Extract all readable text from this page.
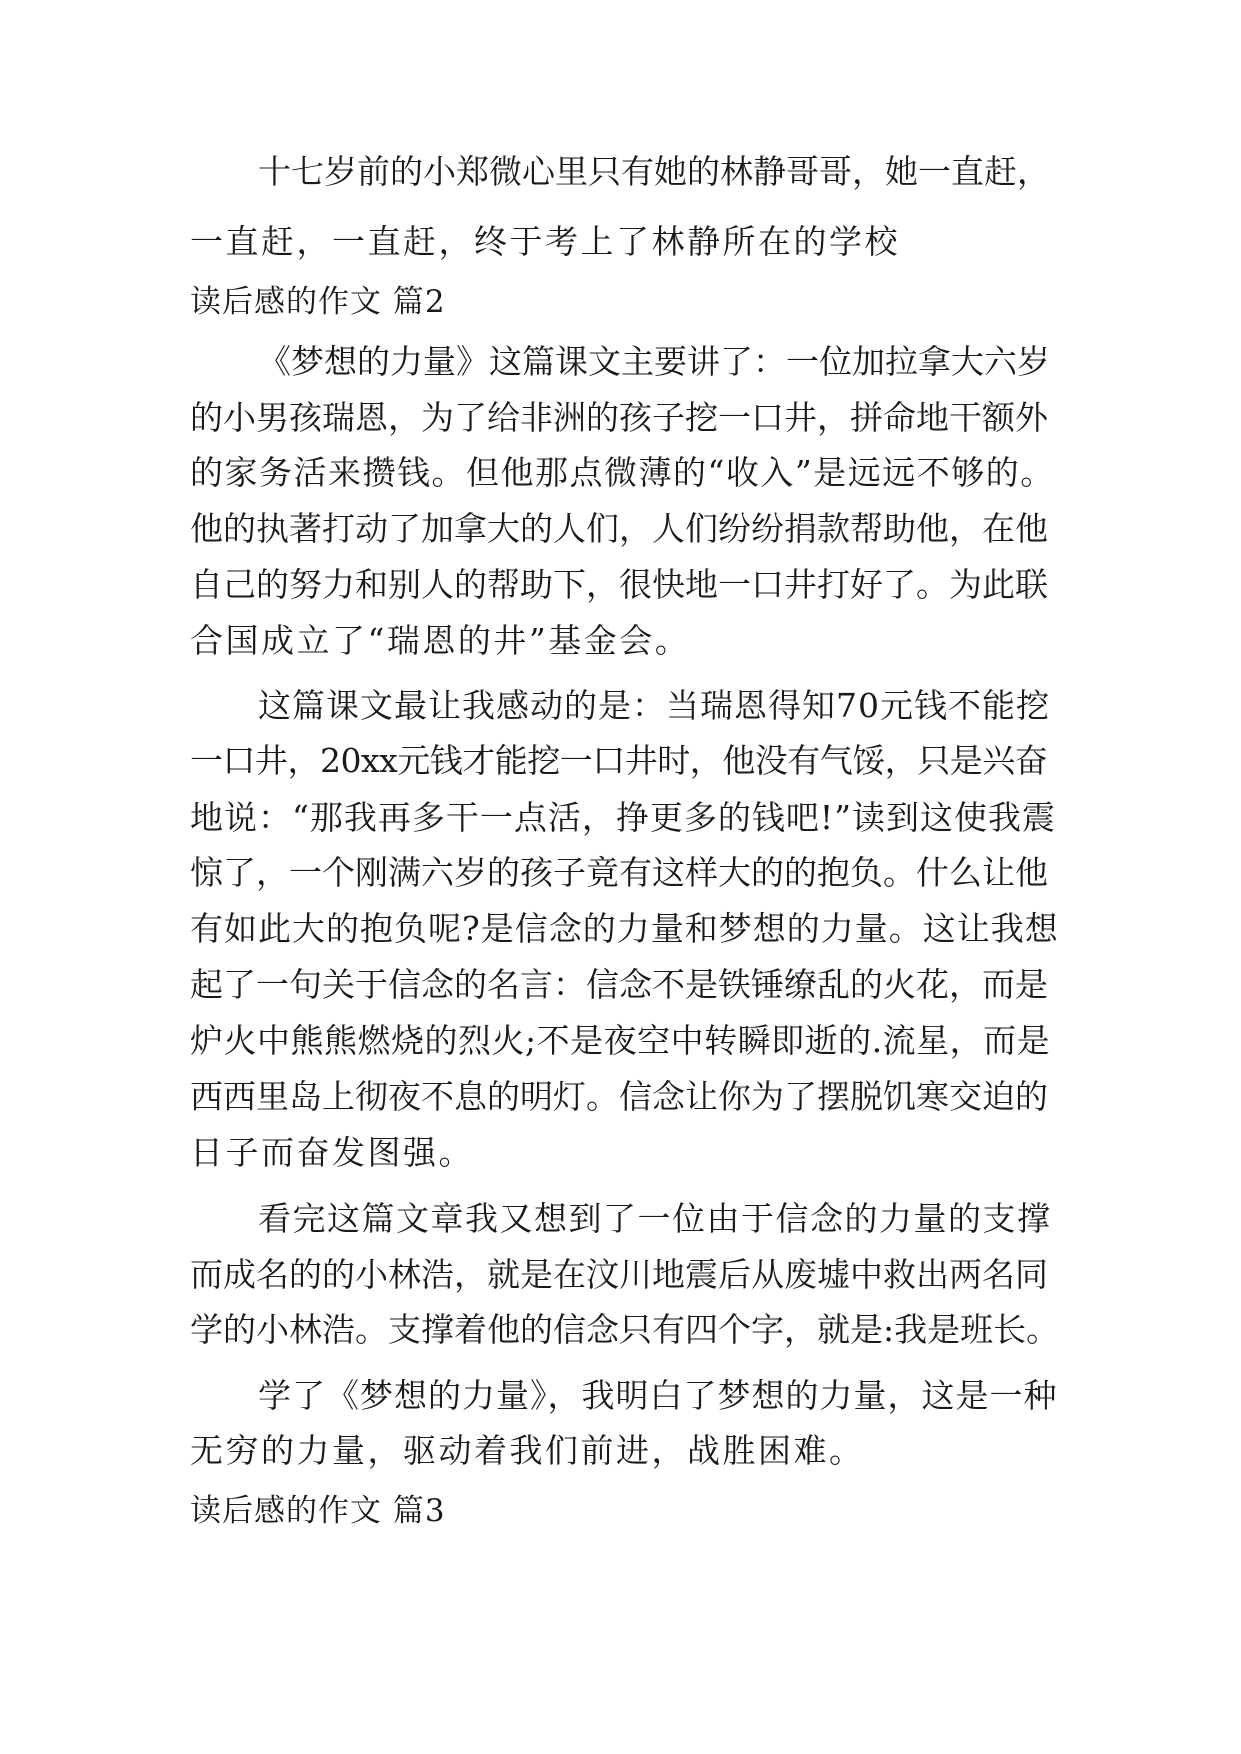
十七岁前的小郑微心里只有她的林静哥哥，她一直赶，

一直赶，一直赶，终于考上了林静所在的学校

读后感的作文 篇2

《梦想的力量》这篇课文主要讲了：一位加拉拿大六岁

的小男孩瑞恩，为了给非洲的孩子挖一口井，拼命地干额外

的家务活来攒钱。但他那点微薄的“收入”是远远不够的。

他的执著打动了加拿大的人们，人们纷纷捐款帮助他，在他

自己的努力和别人的帮助下，很快地一口井打好了。为此联

合国成立了“瑞恩的井”基金会。

这篇课文最让我感动的是：当瑞恩得知70元钱不能挖

一口井，20xx元钱才能挖一口井时，他没有气馁，只是兴奋

地说：“那我再多干一点活，挣更多的钱吧!”读到这使我震

惊了，一个刚满六岁的孩子竟有这样大的的抱负。什么让他

有如此大的抱负呢?是信念的力量和梦想的力量。这让我想

起了一句关于信念的名言：信念不是铁锤缭乱的火花，而是

炉火中熊熊燃烧的烈火;不是夜空中转瞬即逝的.流星，而是

西西里岛上彻夜不息的明灯。信念让你为了摆脱饥寒交迫的

日子而奋发图强。

看完这篇文章我又想到了一位由于信念的力量的支撑

而成名的的小林浩，就是在汶川地震后从废墟中救出两名同

学的小林浩。支撑着他的信念只有四个字，就是:我是班长。

学了《梦想的力量》，我明白了梦想的力量，这是一种

无穷的力量，驱动着我们前进，战胜困难。

读后感的作文 篇3
